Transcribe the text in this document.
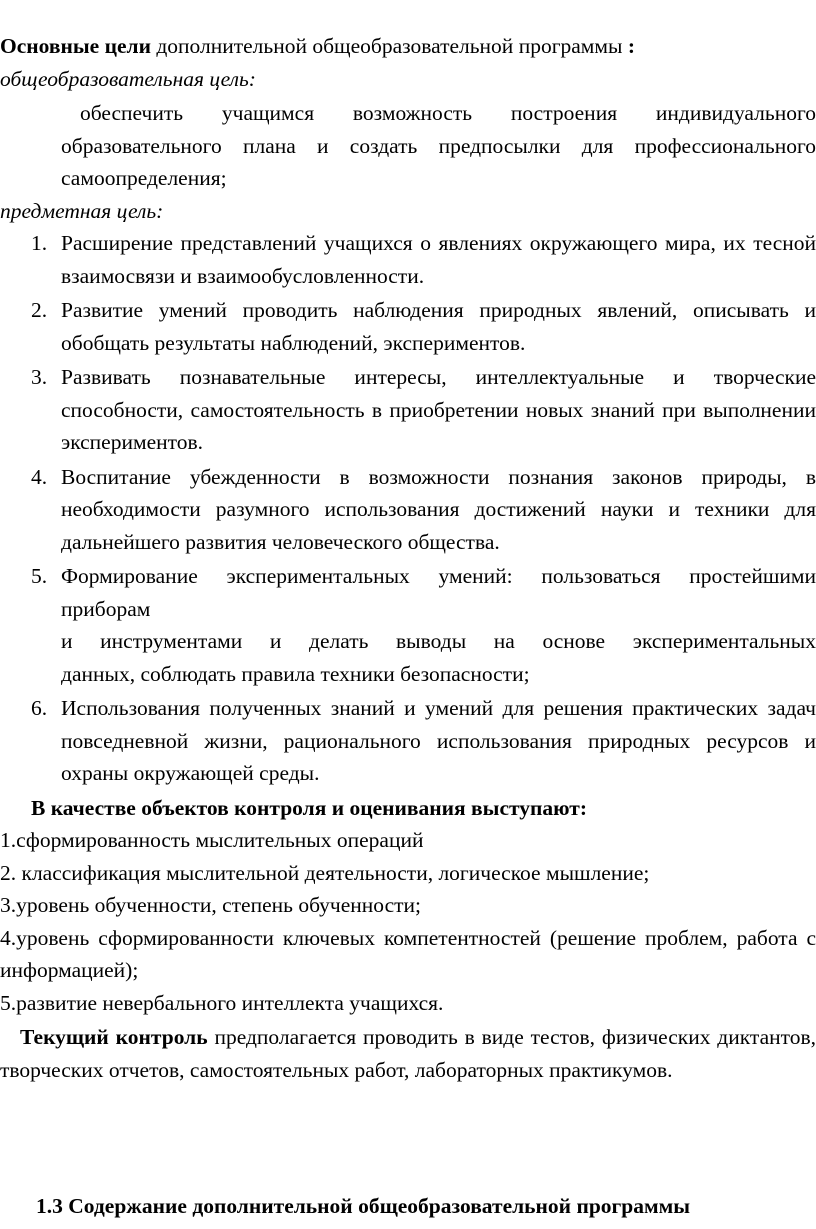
Основные цели дополнительной общеобразовательной программы :

общеобразовательная цель:

обеспечить учащимся возможность построения индивидуального образовательного плана и создать предпосылки для профессионального самоопределения;

предметная цель:

1. Расширение представлений учащихся о явлениях окружающего мира, их тесной взаимосвязи и взаимообусловленности.
2. Развитие умений проводить наблюдения природных явлений, описывать и обобщать результаты наблюдений, экспериментов.
3. Развивать познавательные интересы, интеллектуальные и творческие способности, самостоятельность в приобретении новых знаний при выполнении экспериментов.
4. Воспитание убежденности в возможности познания законов природы, в необходимости разумного использования достижений науки и техники для дальнейшего развития человеческого общества.
5. Формирование экспериментальных умений: пользоваться простейшими приборам
и инструментами и делать выводы на основе экспериментальных
данных, соблюдать правила техники безопасности;
6. Использования полученных знаний и умений для решения практических задач повседневной жизни, рационального использования природных ресурсов и охраны окружающей среды.

В качестве объектов контроля и оценивания выступают:

1.сформированность мыслительных операций

2. классификация мыслительной деятельности, логическое мышление;

3.уровень обученности, степень обученности;

4.уровень сформированности ключевых компетентностей (решение проблем, работа с информацией);

5.развитие невербального интеллекта учащихся.

Текущий контроль предполагается проводить в виде тестов, физических диктантов, творческих отчетов, самостоятельных работ, лабораторных практикумов.

1.3 Содержание дополнительной общеобразовательной программы
